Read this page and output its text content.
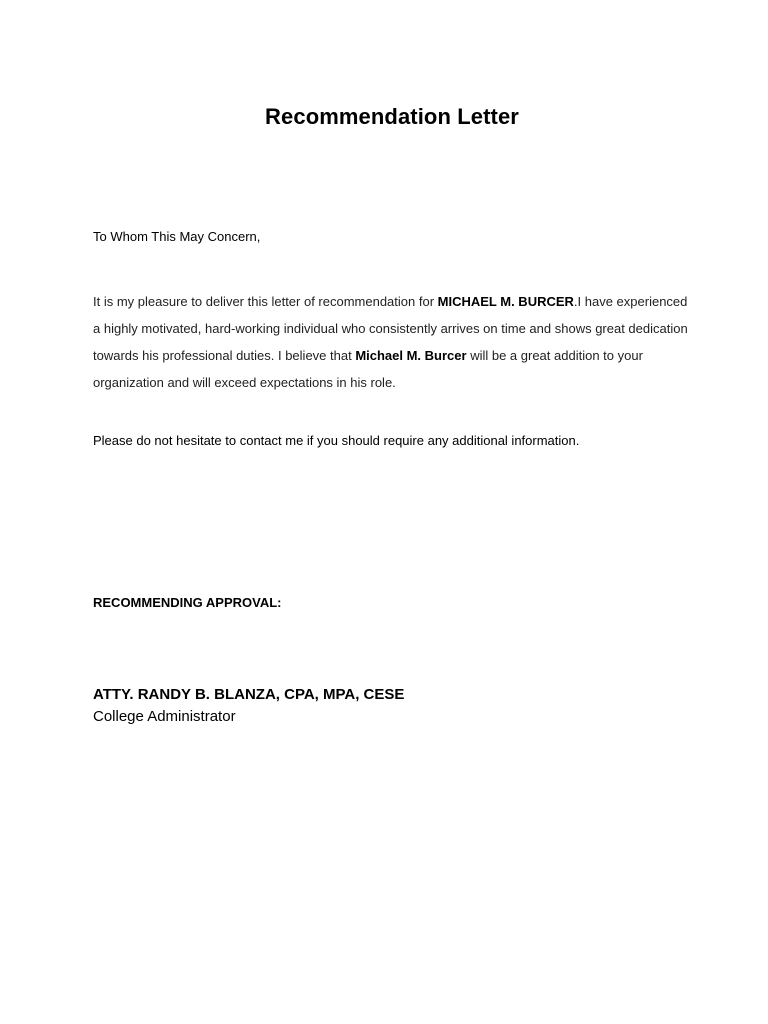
Recommendation Letter
To Whom This May Concern,
It is my pleasure to deliver this letter of recommendation for MICHAEL M. BURCER.I have experienced a highly motivated, hard-working individual who consistently arrives on time and shows great dedication towards his professional duties. I believe that Michael M. Burcer will be a great addition to your organization and will exceed expectations in his role.
Please do not hesitate to contact me if you should require any additional information.
RECOMMENDING APPROVAL:
ATTY. RANDY B. BLANZA, CPA, MPA, CESE
College Administrator
